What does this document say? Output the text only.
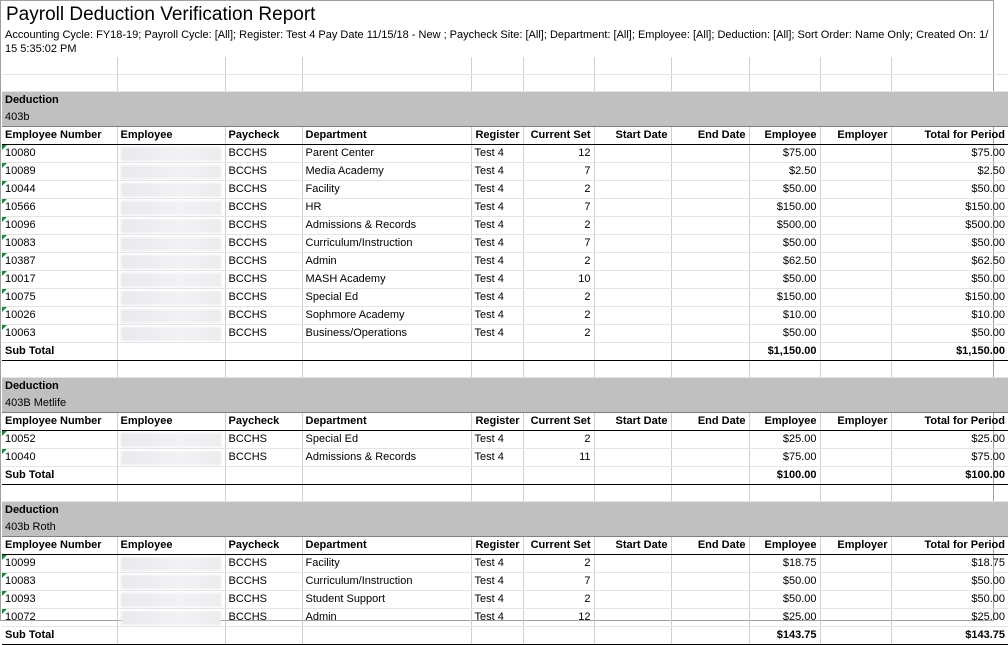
Payroll Deduction Verification Report
Accounting Cycle: FY18-19; Payroll Cycle: [All]; Register: Test 4 Pay Date 11/15/18 - New ; Paycheck Site: [All]; Department: [All]; Employee: [All]; Deduction: [All]; Sort Order: Name Only; Created On: 1/15 5:35:02 PM

Deduction										
403b										
Employee Number	Employee	Paycheck	Department	Register	Current Set	Start Date	End Date	Employee	Employer	Total for Period
10080		BCCHS	Parent Center	Test 4	12			$75.00		$75.00
10089		BCCHS	Media Academy	Test 4	7			$2.50		$2.50
10044		BCCHS	Facility	Test 4	2			$50.00		$50.00
10566		BCCHS	HR	Test 4	7			$150.00		$150.00
10096		BCCHS	Admissions & Records	Test 4	2			$500.00		$500.00
10083		BCCHS	Curriculum/Instruction	Test 4	7			$50.00		$50.00
10387		BCCHS	Admin	Test 4	2			$62.50		$62.50
10017		BCCHS	MASH Academy	Test 4	10			$50.00		$50.00
10075		BCCHS	Special Ed	Test 4	2			$150.00		$150.00
10026		BCCHS	Sophmore Academy	Test 4	2			$10.00		$10.00
10063		BCCHS	Business/Operations	Test 4	2			$50.00		$50.00
Sub Total								$1,150.00		$1,150.00

Deduction										
403B Metlife										
Employee Number	Employee	Paycheck	Department	Register	Current Set	Start Date	End Date	Employee	Employer	Total for Period
10052		BCCHS	Special Ed	Test 4	2			$25.00		$25.00
10040		BCCHS	Admissions & Records	Test 4	11			$75.00		$75.00
Sub Total								$100.00		$100.00

Deduction										
403b Roth										
Employee Number	Employee	Paycheck	Department	Register	Current Set	Start Date	End Date	Employee	Employer	Total for Period
10099		BCCHS	Facility	Test 4	2			$18.75		$18.75
10083		BCCHS	Curriculum/Instruction	Test 4	7			$50.00		$50.00
10093		BCCHS	Student Support	Test 4	2			$50.00		$50.00
10072		BCCHS	Admin	Test 4	12			$25.00		$25.00
Sub Total								$143.75		$143.75
